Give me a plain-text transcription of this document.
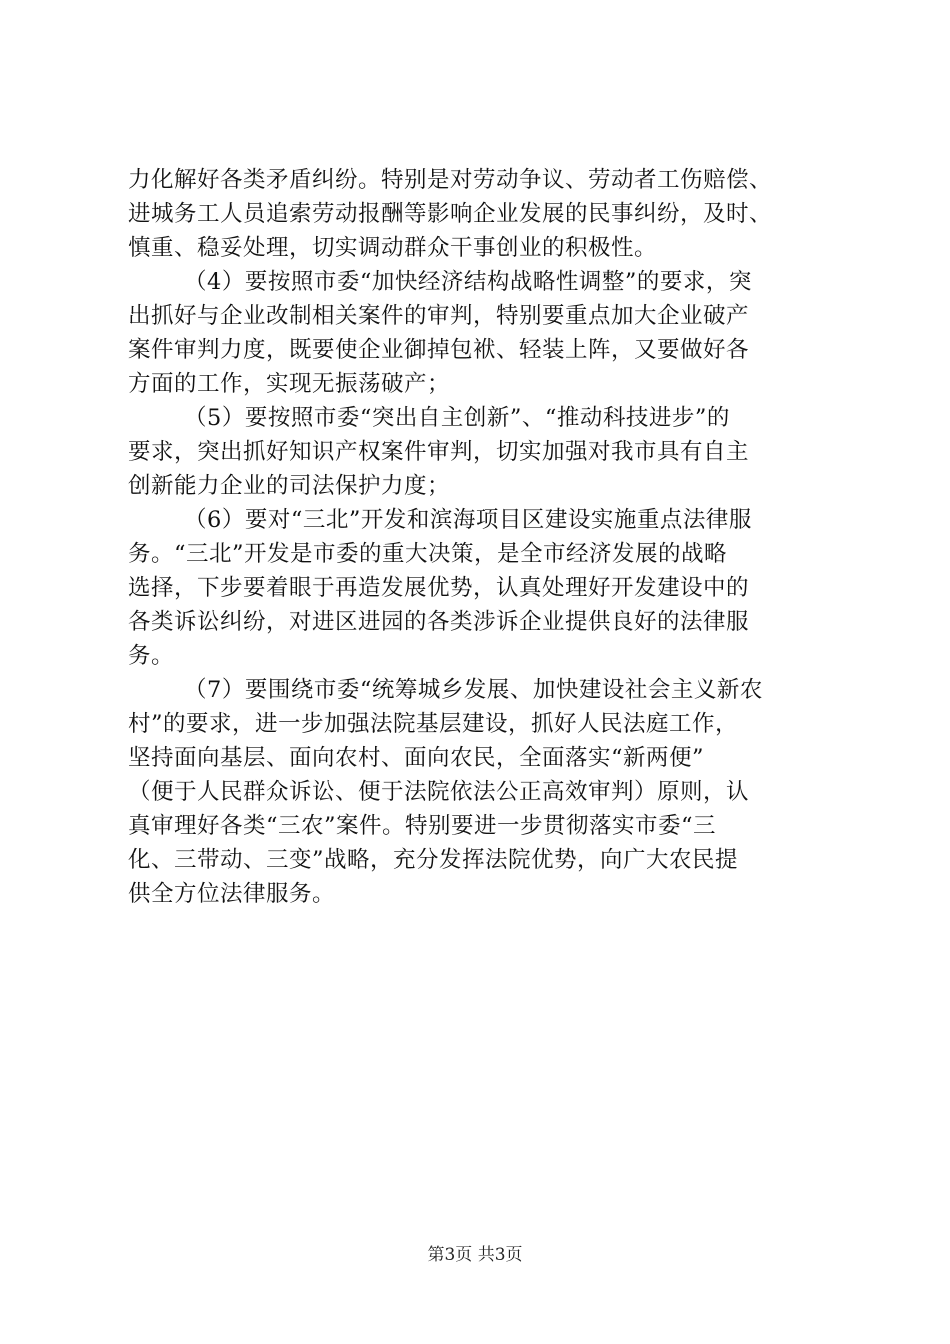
力化解好各类矛盾纠纷。特别是对劳动争议、劳动者工伤赔偿、
进城务工人员追索劳动报酬等影响企业发展的民事纠纷，及时、
慎重、稳妥处理，切实调动群众干事创业的积极性。
（4）要按照市委“加快经济结构战略性调整”的要求，突
出抓好与企业改制相关案件的审判，特别要重点加大企业破产
案件审判力度，既要使企业御掉包袱、轻装上阵，又要做好各
方面的工作，实现无振荡破产；
（5）要按照市委“突出自主创新”、“推动科技进步”的
要求，突出抓好知识产权案件审判，切实加强对我市具有自主
创新能力企业的司法保护力度；
（6）要对“三北”开发和滨海项目区建设实施重点法律服
务。“三北”开发是市委的重大决策，是全市经济发展的战略
选择，下步要着眼于再造发展优势，认真处理好开发建设中的
各类诉讼纠纷，对进区进园的各类涉诉企业提供良好的法律服
务。
（7）要围绕市委“统筹城乡发展、加快建设社会主义新农
村”的要求，进一步加强法院基层建设，抓好人民法庭工作，
坚持面向基层、面向农村、面向农民，全面落实“新两便”
（便于人民群众诉讼、便于法院依法公正高效审判）原则，认
真审理好各类“三农”案件。特别要进一步贯彻落实市委“三
化、三带动、三变”战略，充分发挥法院优势，向广大农民提
供全方位法律服务。
第3页 共3页
